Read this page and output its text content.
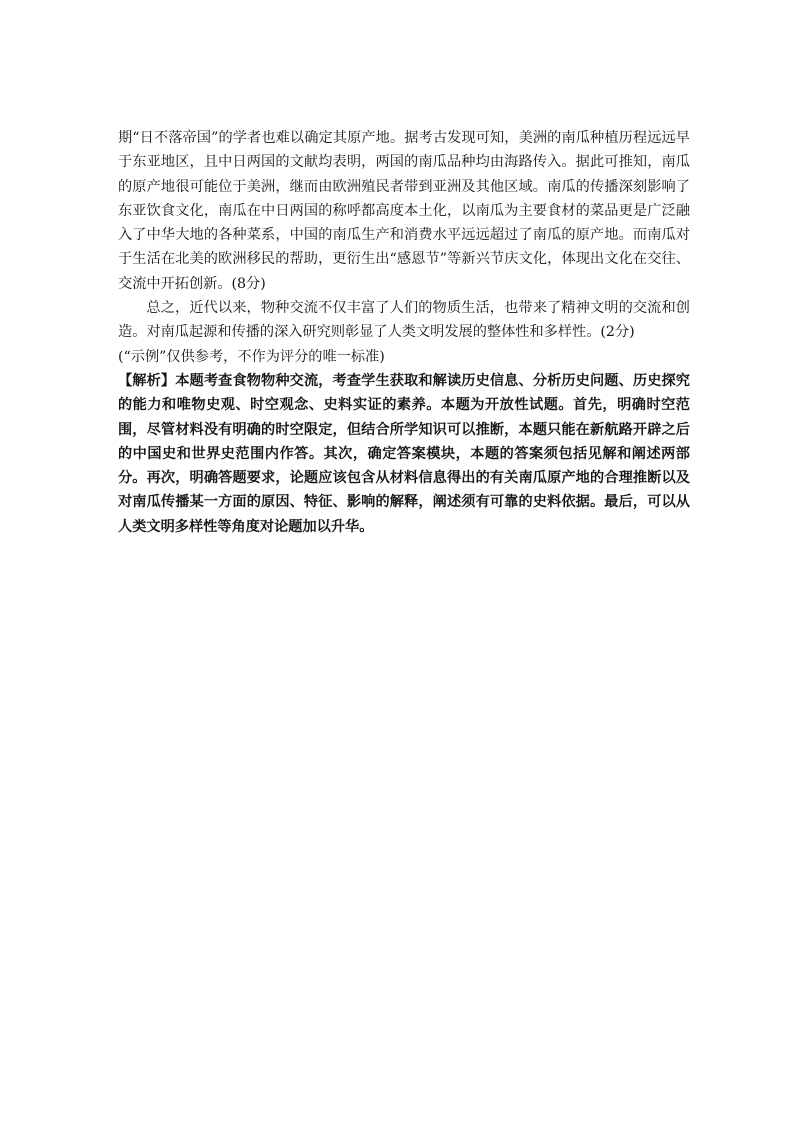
期“日不落帝国”的学者也难以确定其原产地。据考古发现可知，美洲的南瓜种植历程远远早于东亚地区，且中日两国的文献均表明，两国的南瓜品种均由海路传入。据此可推知，南瓜的原产地很可能位于美洲，继而由欧洲殖民者带到亚洲及其他区域。南瓜的传播深刻影响了东亚饮食文化，南瓜在中日两国的称呼都高度本土化，以南瓜为主要食材的菜品更是广泛融入了中华大地的各种菜系，中国的南瓜生产和消费水平远远超过了南瓜的原产地。而南瓜对于生活在北美的欧洲移民的帮助，更衍生出“感恩节”等新兴节庆文化，体现出文化在交往、交流中开拓创新。(8分)

总之，近代以来，物种交流不仅丰富了人们的物质生活，也带来了精神文明的交流和创造。对南瓜起源和传播的深入研究则彰显了人类文明发展的整体性和多样性。(2分)

(“示例”仅供参考，不作为评分的唯一标准)

【解析】本题考查食物物种交流，考查学生获取和解读历史信息、分析历史问题、历史探究的能力和唯物史观、时空观念、史料实证的素养。本题为开放性试题。首先，明确时空范围，尽管材料没有明确的时空限定，但结合所学知识可以推断，本题只能在新航路开辟之后的中国史和世界史范围内作答。其次，确定答案模块，本题的答案须包括见解和阐述两部分。再次，明确答题要求，论题应该包含从材料信息得出的有关南瓜原产地的合理推断以及对南瓜传播某一方面的原因、特征、影响的解释，阐述须有可靠的史料依据。最后，可以从人类文明多样性等角度对论题加以升华。
